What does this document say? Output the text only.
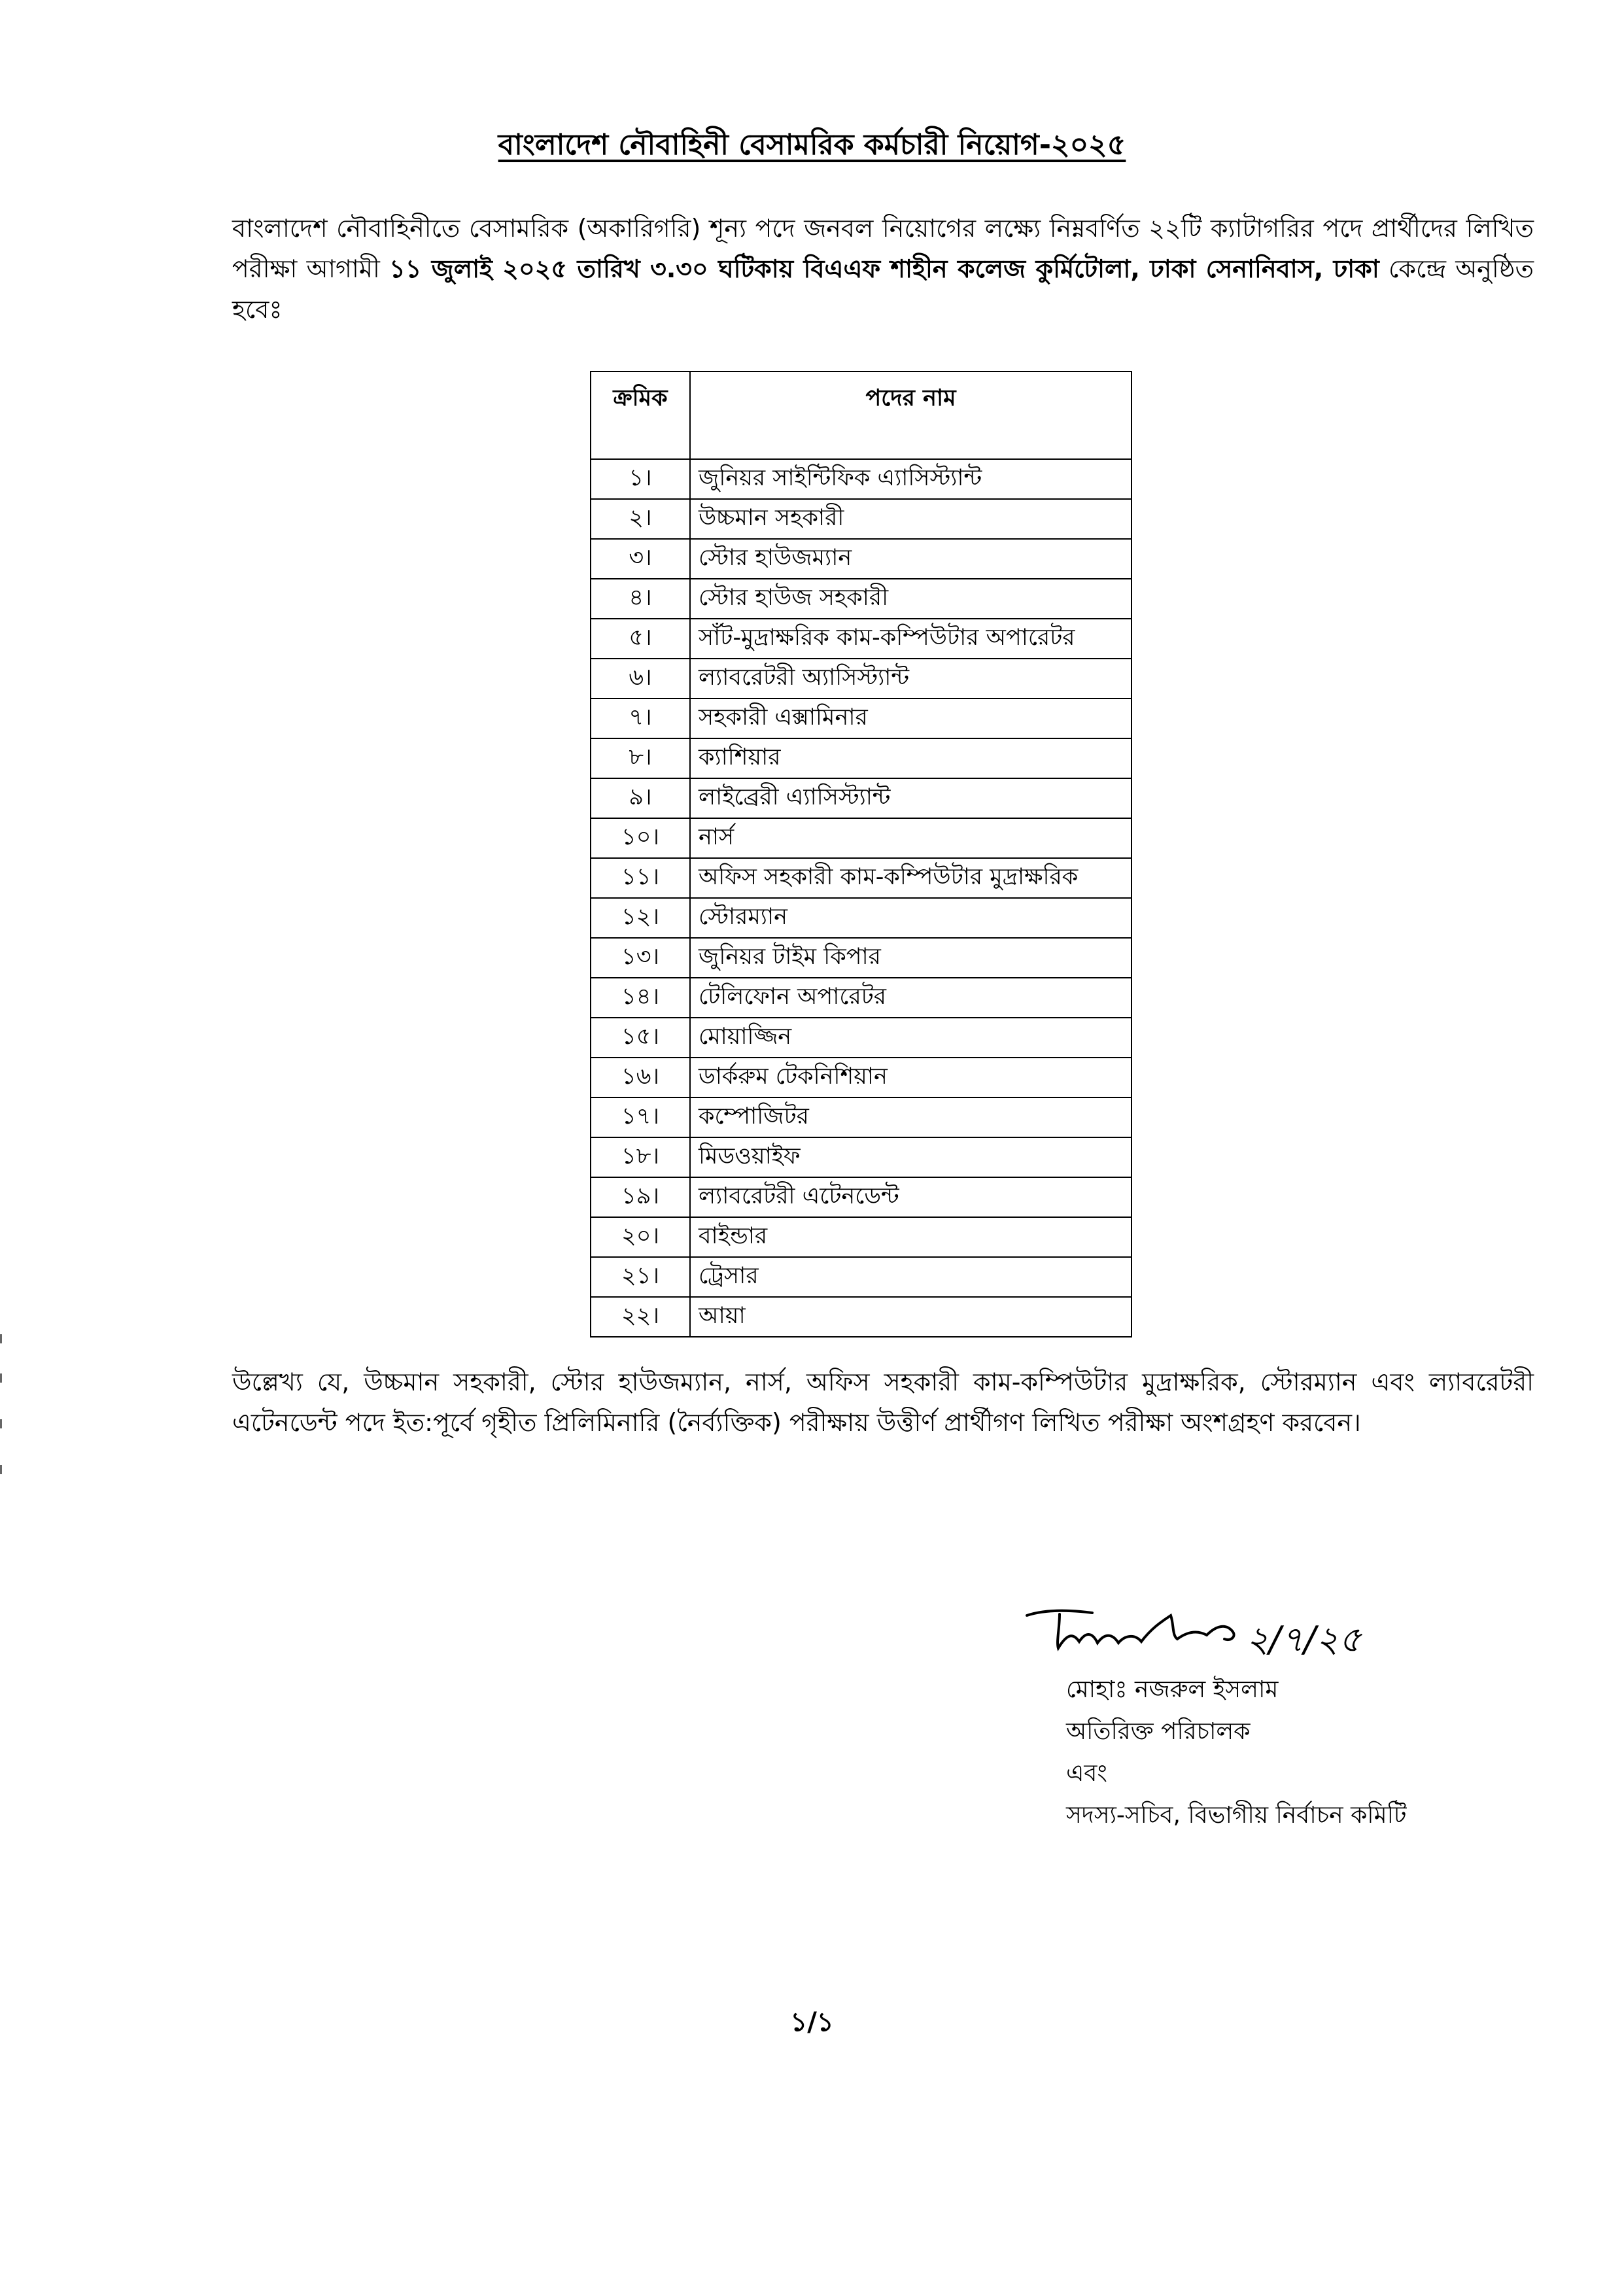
বাংলাদেশ নৌবাহিনী বেসামরিক কর্মচারী নিয়োগ-২০২৫

বাংলাদেশ নৌবাহিনীতে বেসামরিক (অকারিগরি) শূন্য পদে জনবল নিয়োগের লক্ষ্যে নিম্নবর্ণিত ২২টি ক্যাটাগরির পদে প্রার্থীদের লিখিত পরীক্ষা আগামী ১১ জুলাই ২০২৫ তারিখ ৩.৩০ ঘটিকায় বিএএফ শাহীন কলেজ কুর্মিটোলা, ঢাকা সেনানিবাস, ঢাকা কেন্দ্রে অনুষ্ঠিত হবেঃ

ক্রমিক	পদের নাম
১।	জুনিয়র সাইন্টিফিক এ্যাসিস্ট্যান্ট
২।	উচ্চমান সহকারী
৩।	স্টোর হাউজম্যান
৪।	স্টোর হাউজ সহকারী
৫।	সাঁট-মুদ্রাক্ষরিক কাম-কম্পিউটার অপারেটর
৬।	ল্যাবরেটরী অ্যাসিস্ট্যান্ট
৭।	সহকারী এক্সামিনার
৮।	ক্যাশিয়ার
৯।	লাইব্রেরী এ্যাসিস্ট্যান্ট
১০।	নার্স
১১।	অফিস সহকারী কাম-কম্পিউটার মুদ্রাক্ষরিক
১২।	স্টোরম্যান
১৩।	জুনিয়র টাইম কিপার
১৪।	টেলিফোন অপারেটর
১৫।	মোয়াজ্জিন
১৬।	ডার্করুম টেকনিশিয়ান
১৭।	কম্পোজিটর
১৮।	মিডওয়াইফ
১৯।	ল্যাবরেটরী এটেনডেন্ট
২০।	বাইন্ডার
২১।	ট্রেসার
২২।	আয়া

উল্লেখ্য যে, উচ্চমান সহকারী, স্টোর হাউজম্যান, নার্স, অফিস সহকারী কাম-কম্পিউটার মুদ্রাক্ষরিক, স্টোরম্যান এবং ল্যাবরেটরী এটেনডেন্ট পদে ইত:পূর্বে গৃহীত প্রিলিমিনারি (নৈর্ব্যক্তিক) পরীক্ষায় উত্তীর্ণ প্রার্থীগণ লিখিত পরীক্ষা অংশগ্রহণ করবেন।

২/৭/২৫
মোহাঃ নজরুল ইসলাম
অতিরিক্ত পরিচালক
এবং
সদস্য-সচিব, বিভাগীয় নির্বাচন কমিটি
১/১
